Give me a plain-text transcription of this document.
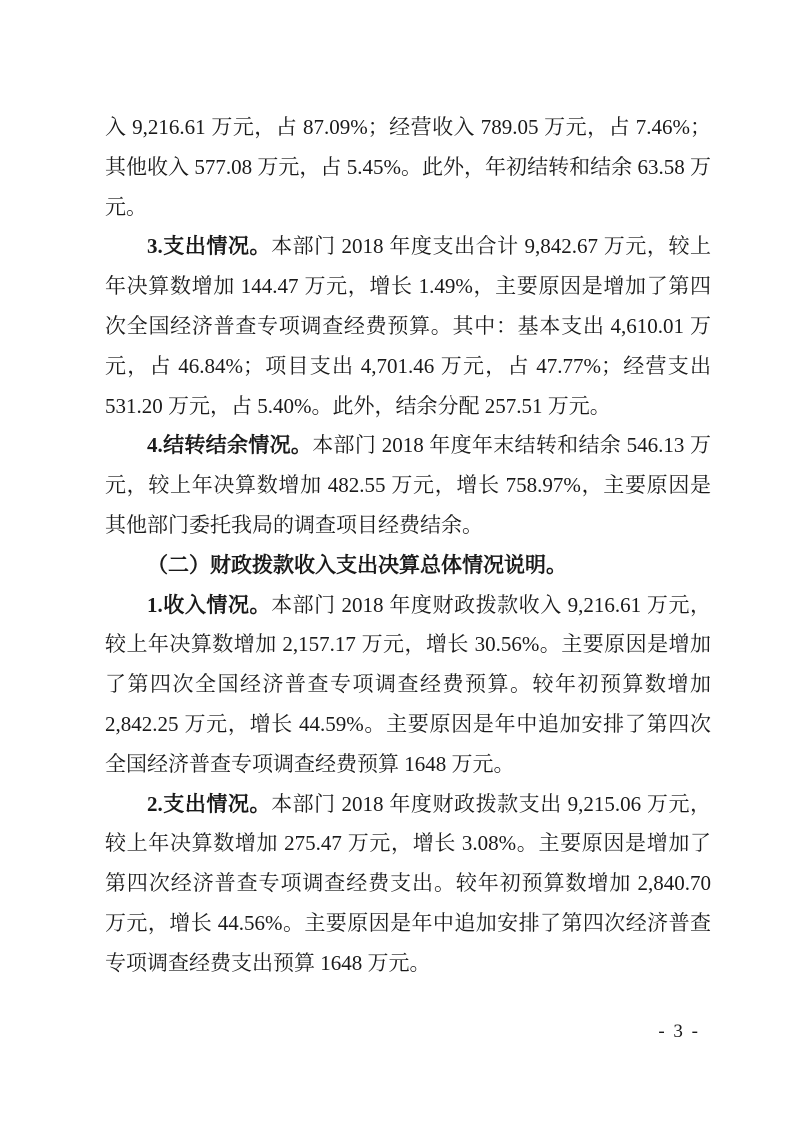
入 9,216.61 万元，占 87.09%；经营收入 789.05 万元，占 7.46%；其他收入 577.08 万元，占 5.45%。此外，年初结转和结余 63.58 万元。

3.支出情况。本部门 2018 年度支出合计 9,842.67 万元，较上年决算数增加 144.47 万元，增长 1.49%，主要原因是增加了第四次全国经济普查专项调查经费预算。其中：基本支出 4,610.01 万元，占 46.84%；项目支出 4,701.46 万元，占 47.77%；经营支出 531.20 万元，占 5.40%。此外，结余分配 257.51 万元。

4.结转结余情况。本部门 2018 年度年末结转和结余 546.13 万元，较上年决算数增加 482.55 万元，增长 758.97%，主要原因是其他部门委托我局的调查项目经费结余。

（二）财政拨款收入支出决算总体情况说明。

1.收入情况。本部门 2018 年度财政拨款收入 9,216.61 万元，较上年决算数增加 2,157.17 万元，增长 30.56%。主要原因是增加了第四次全国经济普查专项调查经费预算。较年初预算数增加 2,842.25 万元，增长 44.59%。主要原因是年中追加安排了第四次全国经济普查专项调查经费预算 1648 万元。

2.支出情况。本部门 2018 年度财政拨款支出 9,215.06 万元，较上年决算数增加 275.47 万元，增长 3.08%。主要原因是增加了第四次经济普查专项调查经费支出。较年初预算数增加 2,840.70 万元，增长 44.56%。主要原因是年中追加安排了第四次经济普查专项调查经费支出预算 1648 万元。

- 3 -
